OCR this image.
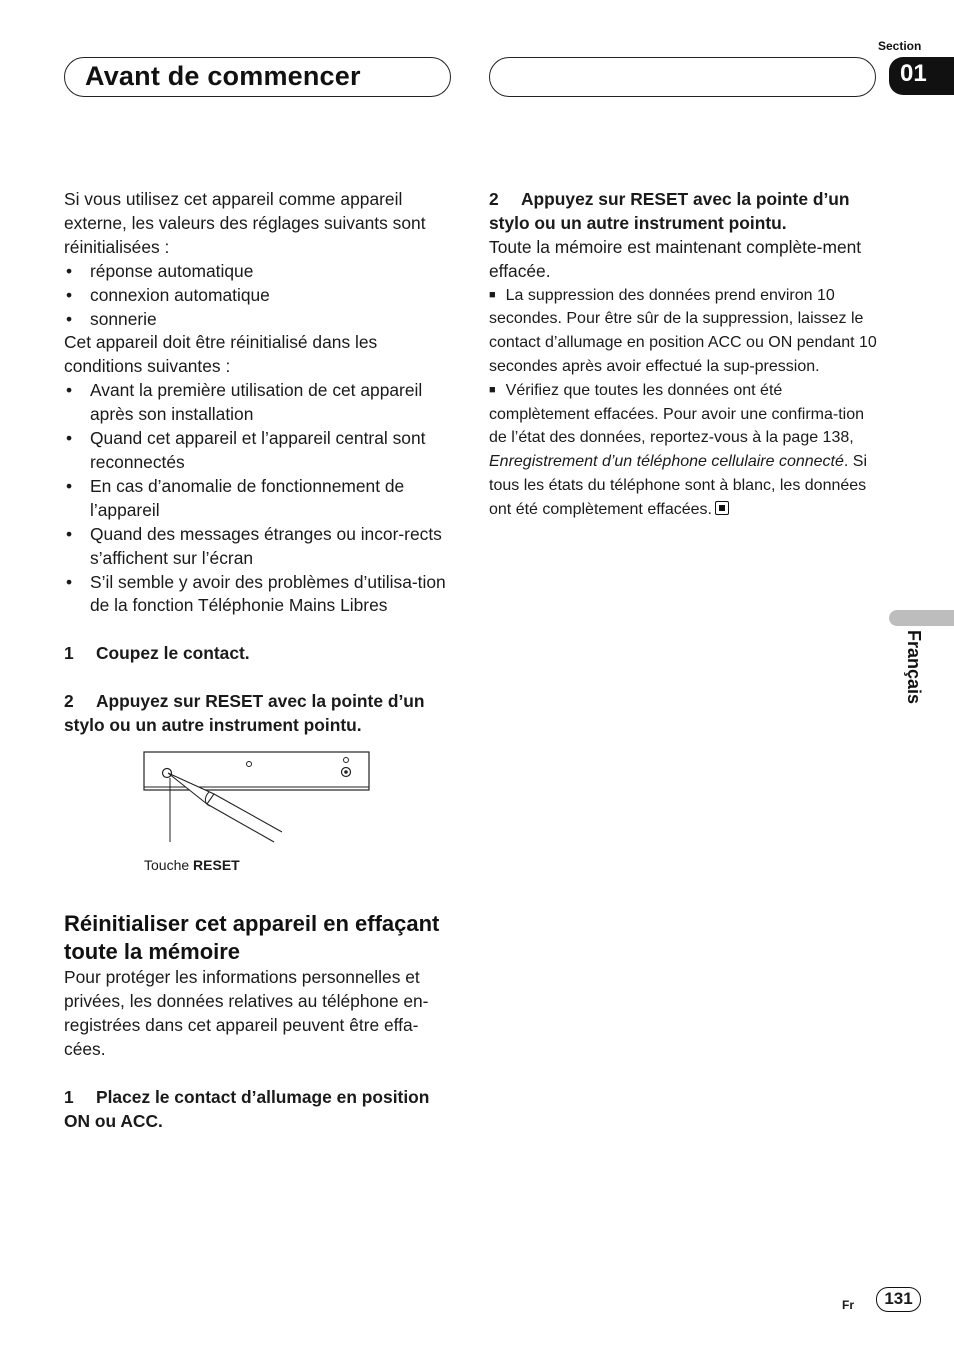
Avant de commencer
Section
01

Si vous utilisez cet appareil comme appareil externe, les valeurs des réglages suivants sont réinitialisées :

• réponse automatique
• connexion automatique
• sonnerie

Cet appareil doit être réinitialisé dans les conditions suivantes :

• Avant la première utilisation de cet appareil après son installation
• Quand cet appareil et l’appareil central sont reconnectés
• En cas d’anomalie de fonctionnement de l’appareil
• Quand des messages étranges ou incor-rects s’affichent sur l’écran
• S’il semble y avoir des problèmes d’utilisa-tion de la fonction Téléphonie Mains Libres

1 Coupez le contact.

2 Appuyez sur RESET avec la pointe d’un stylo ou un autre instrument pointu.

Touche RESET
Réinitialiser cet appareil en effaçant toute la mémoire

Pour protéger les informations personnelles et privées, les données relatives au téléphone en-registrées dans cet appareil peuvent être effa-cées.

1 Placez le contact d’allumage en position ON ou ACC.

2 Appuyez sur RESET avec la pointe d’un stylo ou un autre instrument pointu.

Toute la mémoire est maintenant complète-ment effacée.

■ La suppression des données prend environ 10 secondes. Pour être sûr de la suppression, laissez le contact d’allumage en position ACC ou ON pendant 10 secondes après avoir effectué la sup-pression.

■ Vérifiez que toutes les données ont été complètement effacées. Pour avoir une confirma-tion de l’état des données, reportez-vous à la page 138, Enregistrement d’un téléphone cellulaire connecté. Si tous les états du téléphone sont à blanc, les données ont été complètement effacées.

Français
Fr	131
